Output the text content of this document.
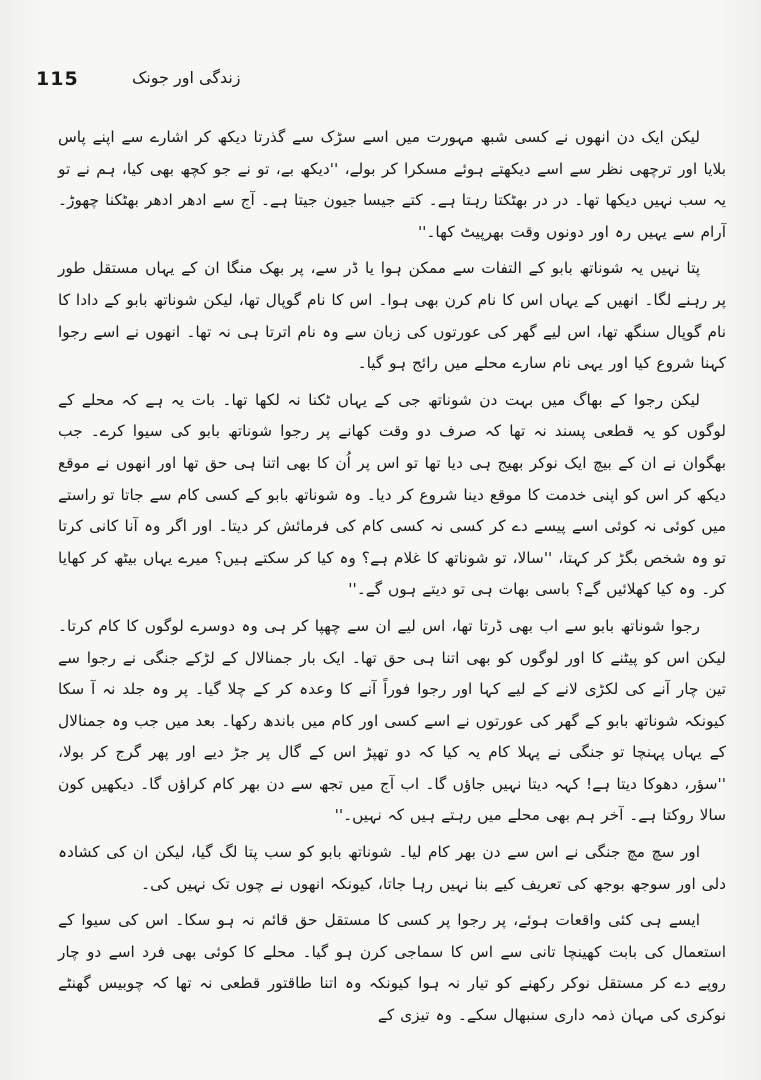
115	زندگی اور جونک

لیکن ایک دن انھوں نے کسی شبھ مہورت میں اسے سڑک سے گذرتا دیکھ کر اشارے سے اپنے پاس بلایا اور ترچھی نظر سے اسے دیکھتے ہوئے مسکرا کر بولے، ''دیکھ بے، تو نے جو کچھ بھی کیا، ہم نے تو یہ سب نہیں دیکھا تھا۔ در در بھٹکتا رہتا ہے۔ کتے جیسا جیون جیتا ہے۔ آج سے ادھر ادھر بھٹکنا چھوڑ۔ آرام سے یہیں رہ اور دونوں وقت بھرپیٹ کھا۔''

پتا نہیں یہ شوناتھ بابو کے التفات سے ممکن ہوا یا ڈر سے، پر بھک منگا ان کے یہاں مستقل طور پر رہنے لگا۔ انھیں کے یہاں اس کا نام کرن بھی ہوا۔ اس کا نام گوپال تھا، لیکن شوناتھ بابو کے دادا کا نام گوپال سنگھ تھا، اس لیے گھر کی عورتوں کی زبان سے وہ نام اترتا ہی نہ تھا۔ انھوں نے اسے رجوا کہنا شروع کیا اور یہی نام سارے محلے میں رائج ہو گیا۔

لیکن رجوا کے بھاگ میں بہت دن شوناتھ جی کے یہاں ٹکنا نہ لکھا تھا۔ بات یہ ہے کہ محلے کے لوگوں کو یہ قطعی پسند نہ تھا کہ صرف دو وقت کھانے پر رجوا شوناتھ بابو کی سیوا کرے۔ جب بھگوان نے ان کے بیچ ایک نوکر بھیج ہی دیا تھا تو اس پر اُن کا بھی اتنا ہی حق تھا اور انھوں نے موقع دیکھ کر اس کو اپنی خدمت کا موقع دینا شروع کر دیا۔ وہ شوناتھ بابو کے کسی کام سے جاتا تو راستے میں کوئی نہ کوئی اسے پیسے دے کر کسی نہ کسی کام کی فرمائش کر دیتا۔ اور اگر وہ آنا کانی کرتا تو وہ شخص بگڑ کر کہتا، ''سالا، تو شوناتھ کا غلام ہے؟ وہ کیا کر سکتے ہیں؟ میرے یہاں بیٹھ کر کھایا کر۔ وہ کیا کھلائیں گے؟ باسی بھات ہی تو دیتے ہوں گے۔''

رجوا شوناتھ بابو سے اب بھی ڈرتا تھا، اس لیے ان سے چھپا کر ہی وہ دوسرے لوگوں کا کام کرتا۔ لیکن اس کو پیٹنے کا اور لوگوں کو بھی اتنا ہی حق تھا۔ ایک بار جمنالال کے لڑکے جنگی نے رجوا سے تین چار آنے کی لکڑی لانے کے لیے کہا اور رجوا فوراً آنے کا وعدہ کر کے چلا گیا۔ پر وہ جلد نہ آ سکا کیونکہ شوناتھ بابو کے گھر کی عورتوں نے اسے کسی اور کام میں باندھ رکھا۔ بعد میں جب وہ جمنالال کے یہاں پہنچا تو جنگی نے پہلا کام یہ کیا کہ دو تھپڑ اس کے گال پر جڑ دیے اور پھر گرج کر بولا، ''سؤر، دھوکا دیتا ہے! کہہ دیتا نہیں جاؤں گا۔ اب آج میں تجھ سے دن بھر کام کراؤں گا۔ دیکھیں کون سالا روکتا ہے۔ آخر ہم بھی محلے میں رہتے ہیں کہ نہیں۔''

اور سچ مچ جنگی نے اس سے دن بھر کام لیا۔ شوناتھ بابو کو سب پتا لگ گیا، لیکن ان کی کشادہ دلی اور سوجھ بوجھ کی تعریف کیے بنا نہیں رہا جاتا، کیونکہ انھوں نے چوں تک نہیں کی۔

ایسے ہی کئی واقعات ہوئے، پر رجوا پر کسی کا مستقل حق قائم نہ ہو سکا۔ اس کی سیوا کے استعمال کی بابت کھینچا تانی سے اس کا سماجی کرن ہو گیا۔ محلے کا کوئی بھی فرد اسے دو چار روپے دے کر مستقل نوکر رکھنے کو تیار نہ ہوا کیونکہ وہ اتنا طاقتور قطعی نہ تھا کہ چوبیس گھنٹے نوکری کی مہان ذمہ داری سنبھال سکے۔ وہ تیزی کے
